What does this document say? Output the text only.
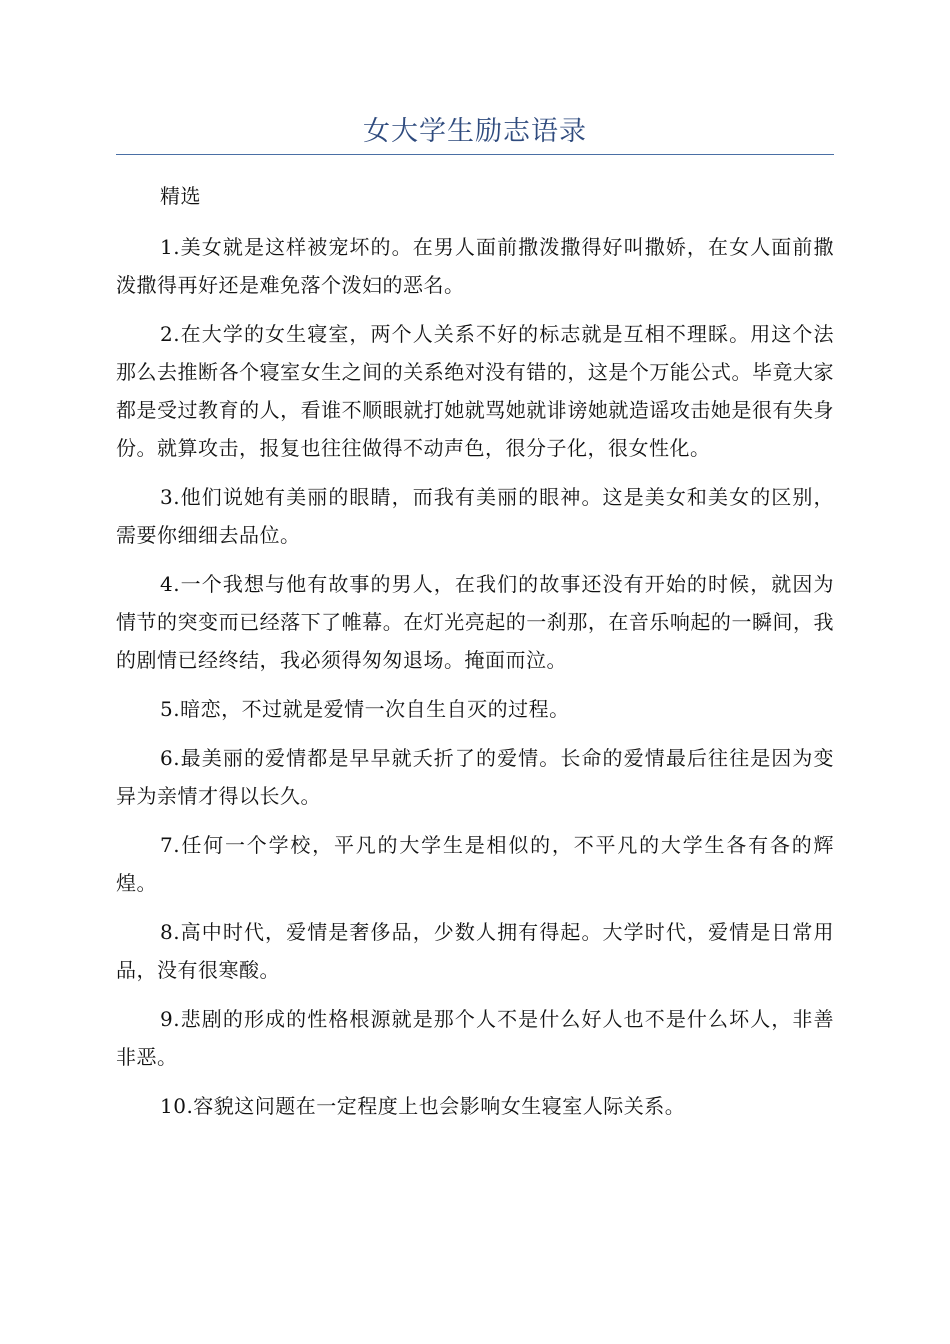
女大学生励志语录

精选

1.美女就是这样被宠坏的。在男人面前撒泼撒得好叫撒娇，在女人面前撒泼撒得再好还是难免落个泼妇的恶名。

2.在大学的女生寝室，两个人关系不好的标志就是互相不理睬。用这个法那么去推断各个寝室女生之间的关系绝对没有错的，这是个万能公式。毕竟大家都是受过教育的人，看谁不顺眼就打她就骂她就诽谤她就造谣攻击她是很有失身份。就算攻击，报复也往往做得不动声色，很分子化，很女性化。

3.他们说她有美丽的眼睛，而我有美丽的眼神。这是美女和美女的区别，需要你细细去品位。

4.一个我想与他有故事的男人，在我们的故事还没有开始的时候，就因为情节的突变而已经落下了帷幕。在灯光亮起的一刹那，在音乐响起的一瞬间，我的剧情已经终结，我必须得匆匆退场。掩面而泣。

5.暗恋，不过就是爱情一次自生自灭的过程。

6.最美丽的爱情都是早早就夭折了的爱情。长命的爱情最后往往是因为变异为亲情才得以长久。

7.任何一个学校，平凡的大学生是相似的，不平凡的大学生各有各的辉煌。

8.高中时代，爱情是奢侈品，少数人拥有得起。大学时代，爱情是日常用品，没有很寒酸。

9.悲剧的形成的性格根源就是那个人不是什么好人也不是什么坏人，非善非恶。

10.容貌这问题在一定程度上也会影响女生寝室人际关系。
